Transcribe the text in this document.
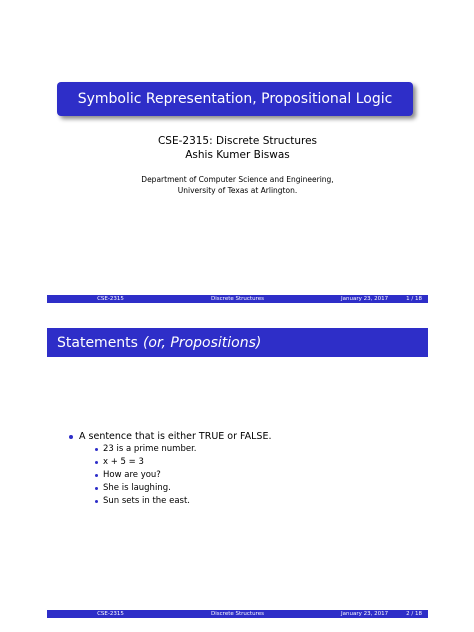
Symbolic Representation, Propositional Logic
CSE-2315: Discrete Structures
Ashis Kumer Biswas
Department of Computer Science and Engineering,
University of Texas at Arlington.
CSE-2315	Discrete Structures	January 23, 2017	1 / 18
Statements (or, Propositions)
A sentence that is either TRUE or FALSE.
23 is a prime number.
x + 5 = 3
How are you?
She is laughing.
Sun sets in the east.
CSE-2315	Discrete Structures	January 23, 2017	2 / 18
